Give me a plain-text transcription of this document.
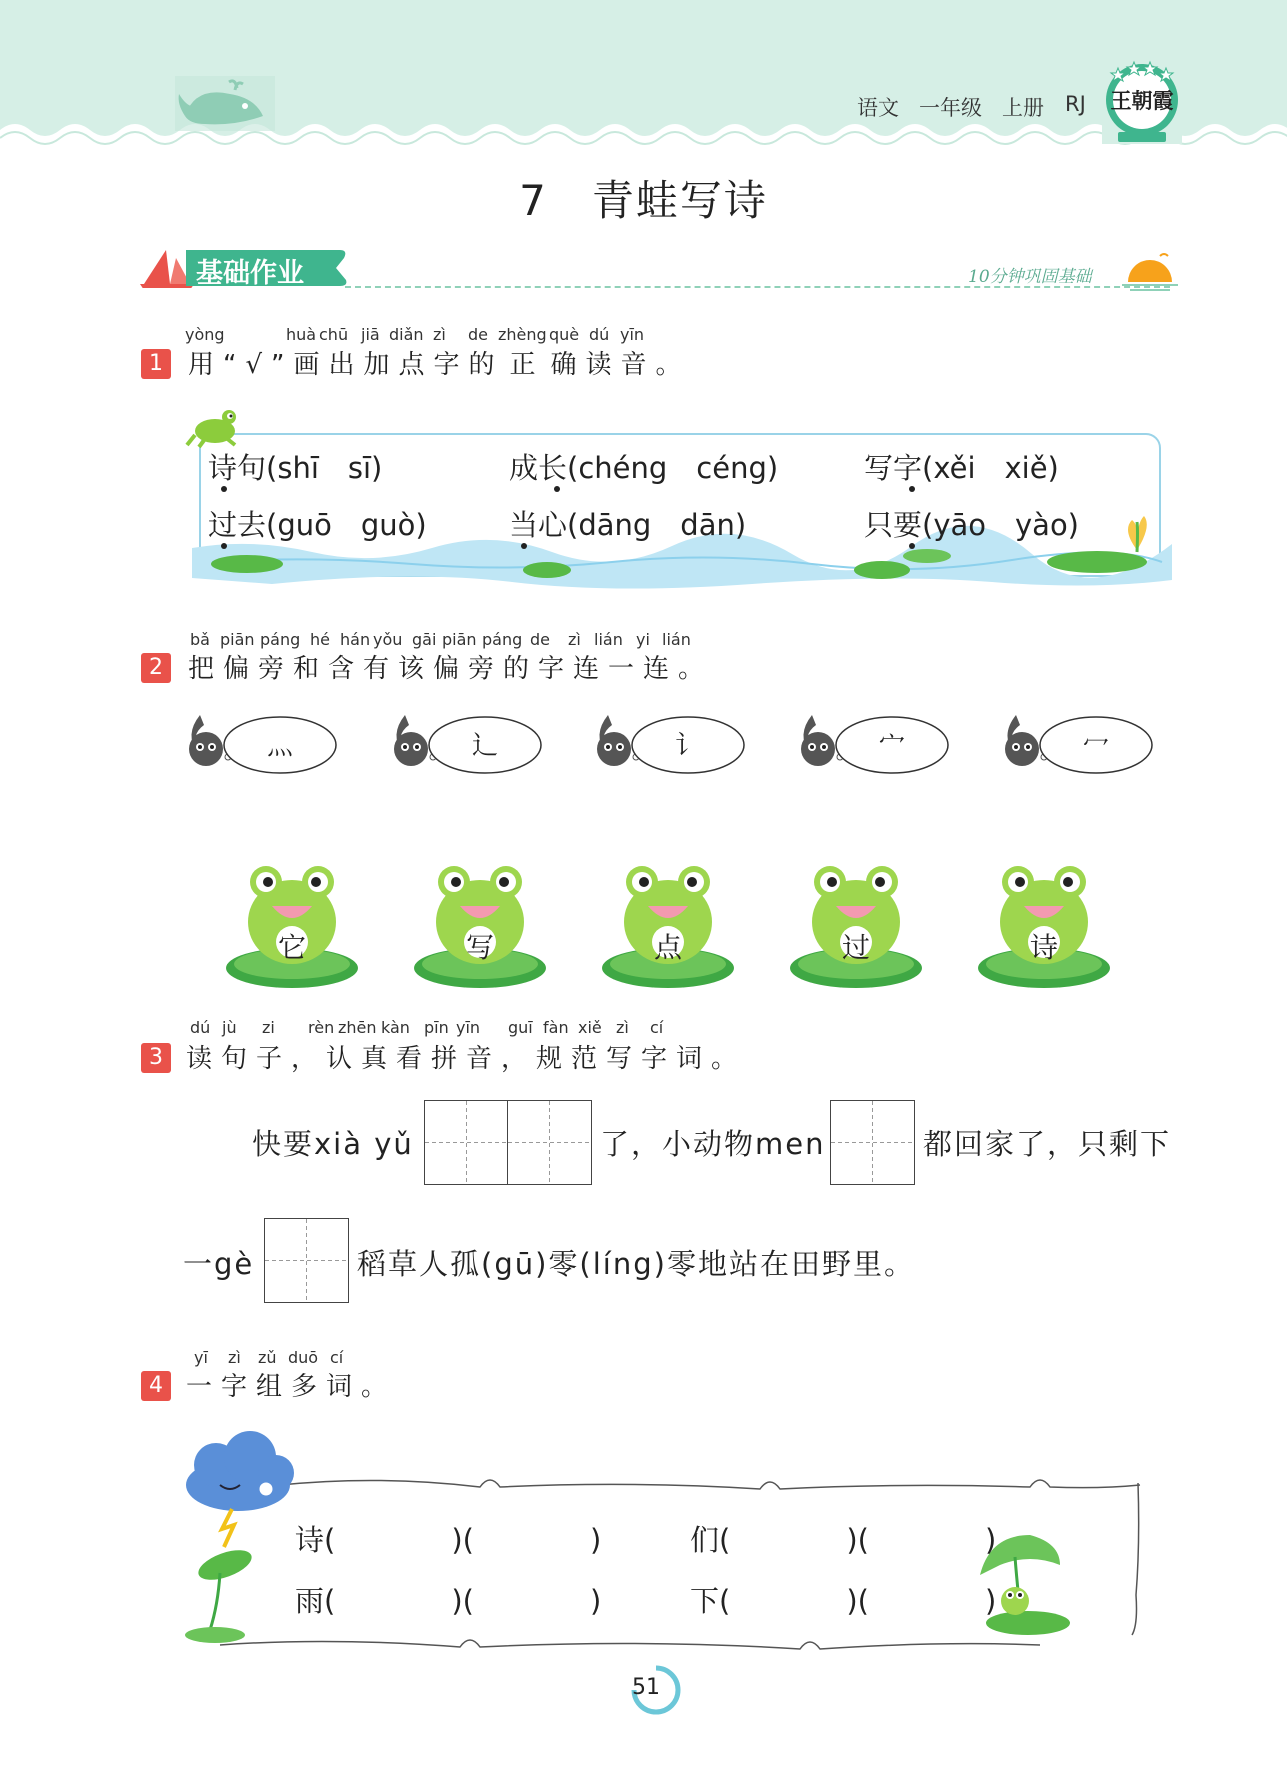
语文 一年级 上册 RJ 王朝霞
7　青蛙写诗
基础作业	10分钟巩固基础
yòng	huà chū jiā diǎn zì de zhèng què dú yīn
1 用“√”画出加点字的 正 确读音。
诗句(shī　sī)	成长(chéng　céng)	写字(xěi　xiě)
过去(guō　guò)	当心(dāng　dān)	只要(yāo　yào)
bǎ piān páng hé hán yǒu gāi piān páng de zì lián yi lián
2 把偏旁和含有该偏旁的字连一连。
灬	辶	讠	宀	冖
它	写	点	过	诗
dú jù zi rèn zhēn kàn pīn yīn guī fàn xiě zì cí
3 读句子，认真看拼音，规范写字词。
快要xià yǔ	了，小动物men	都回家了，只剩下
一gè	稻草人孤(gū)零(líng)零地站在田野里。
yī zì zǔ duō cí
4 一字组多词。
诗(　　　　)(　　　　)	们(　　　　)(　　　　)
雨(　　　　)(　　　　)	下(　　　　)(　　　　)
51
